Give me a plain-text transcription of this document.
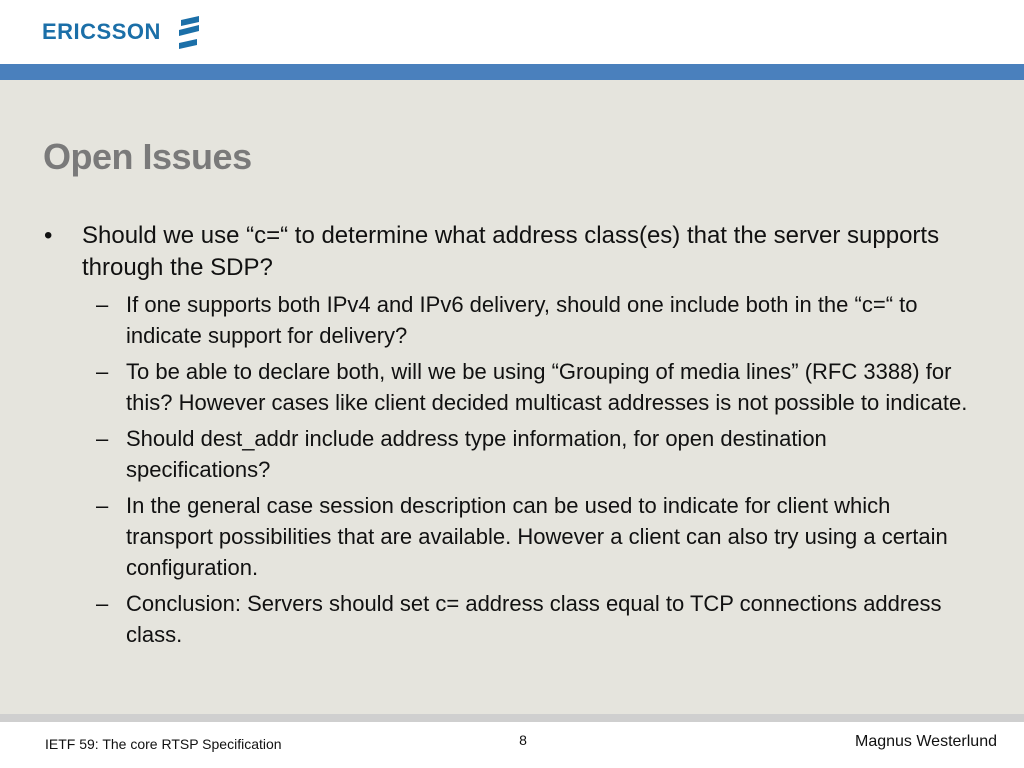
ERICSSON
Open Issues
• Should we use “c=“ to determine what address class(es) that the server supports through the SDP?
– If one supports both IPv4 and IPv6 delivery, should one include both in the “c=“ to indicate support for delivery?
– To be able to declare both, will we be using “Grouping of media lines” (RFC 3388) for this? However cases like client decided multicast addresses is not possible to indicate.
– Should dest_addr include address type information, for open destination specifications?
– In the general case session description can be used to indicate for client which transport possibilities that are available. However a client can also try using a certain configuration.
– Conclusion: Servers should set c= address class equal to TCP connections address class.
IETF 59: The core RTSP Specification	8	Magnus Westerlund
